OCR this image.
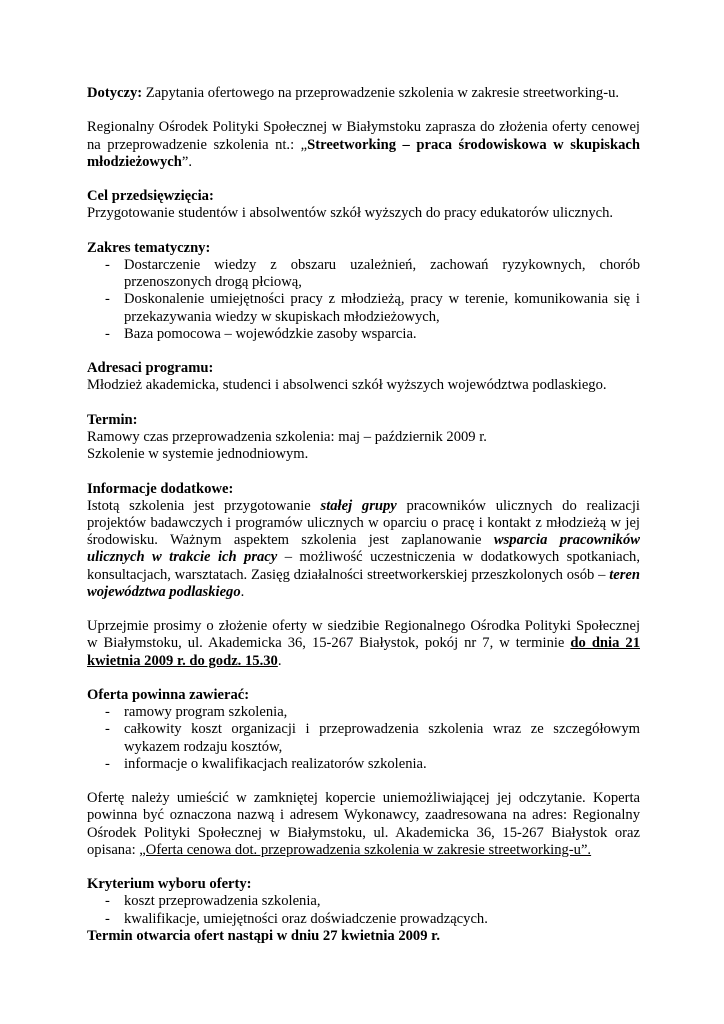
Dotyczy: Zapytania ofertowego na przeprowadzenie szkolenia w zakresie streetworking-u.

Regionalny Ośrodek Polityki Społecznej w Białymstoku zaprasza do złożenia oferty cenowej na przeprowadzenie szkolenia nt.: „Streetworking – praca środowiskowa w skupiskach młodzieżowych”.

Cel przedsięwzięcia:

Przygotowanie studentów i absolwentów szkół wyższych do pracy edukatorów ulicznych.

Zakres tematyczny:

- Dostarczenie wiedzy z obszaru uzależnień, zachowań ryzykownych, chorób przenoszonych drogą płciową,
- Doskonalenie umiejętności pracy z młodzieżą, pracy w terenie, komunikowania się i przekazywania wiedzy w skupiskach młodzieżowych,
- Baza pomocowa – wojewódzkie zasoby wsparcia.

Adresaci programu:

Młodzież akademicka, studenci i absolwenci szkół wyższych województwa podlaskiego.

Termin:

Ramowy czas przeprowadzenia szkolenia: maj – październik 2009 r.

Szkolenie w systemie jednodniowym.

Informacje dodatkowe:

Istotą szkolenia jest przygotowanie stałej grupy pracowników ulicznych do realizacji projektów badawczych i programów ulicznych w oparciu o pracę i kontakt z młodzieżą w jej środowisku. Ważnym aspektem szkolenia jest zaplanowanie wsparcia pracowników ulicznych w trakcie ich pracy – możliwość uczestniczenia w dodatkowych spotkaniach, konsultacjach, warsztatach. Zasięg działalności streetworkerskiej przeszkolonych osób – teren województwa podlaskiego.

Uprzejmie prosimy o złożenie oferty w siedzibie Regionalnego Ośrodka Polityki Społecznej w Białymstoku, ul. Akademicka 36, 15-267 Białystok, pokój nr 7, w terminie do dnia 21 kwietnia 2009 r. do godz. 15.30.

Oferta powinna zawierać:

- ramowy program szkolenia,
- całkowity koszt organizacji i przeprowadzenia szkolenia wraz ze szczegółowym wykazem rodzaju kosztów,
- informacje o kwalifikacjach realizatorów szkolenia.

Ofertę należy umieścić w zamkniętej kopercie uniemożliwiającej jej odczytanie. Koperta powinna być oznaczona nazwą i adresem Wykonawcy, zaadresowana na adres: Regionalny Ośrodek Polityki Społecznej w Białymstoku, ul. Akademicka 36, 15-267 Białystok oraz opisana: „Oferta cenowa dot. przeprowadzenia szkolenia w zakresie streetworking-u”.

Kryterium wyboru oferty:

- koszt przeprowadzenia szkolenia,
- kwalifikacje, umiejętności oraz doświadczenie prowadzących.

Termin otwarcia ofert nastąpi w dniu 27 kwietnia 2009 r.
